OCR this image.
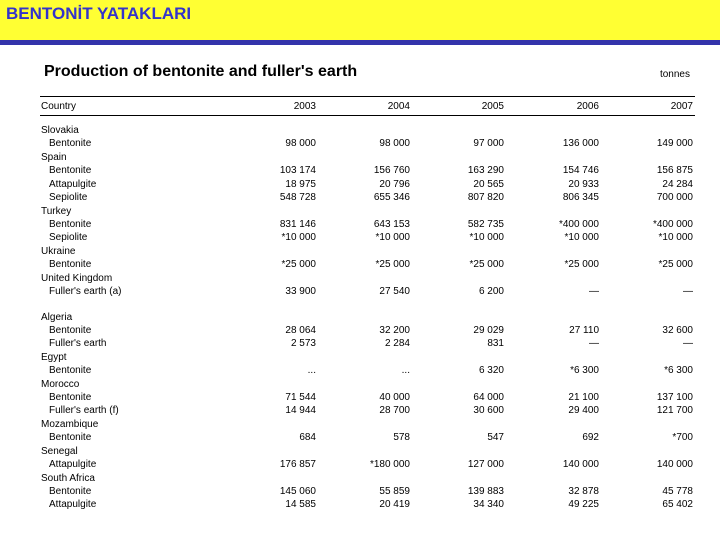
BENTONİT YATAKLARI
Production of bentonite and fuller's earth	tonnes
Country	2003	2004	2005	2006	2007
Slovakia
Bentonite	98 000	98 000	97 000	136 000	149 000
Spain
Bentonite	103 174	156 760	163 290	154 746	156 875
Attapulgite	18 975	20 796	20 565	20 933	24 284
Sepiolite	548 728	655 346	807 820	806 345	700 000
Turkey
Bentonite	831 146	643 153	582 735	*400 000	*400 000
Sepiolite	*10 000	*10 000	*10 000	*10 000	*10 000
Ukraine
Bentonite	*25 000	*25 000	*25 000	*25 000	*25 000
United Kingdom
Fuller's earth (a)	33 900	27 540	6 200	—	—
Algeria
Bentonite	28 064	32 200	29 029	27 110	32 600
Fuller's earth	2 573	2 284	831	—	—
Egypt
Bentonite	...	...	6 320	*6 300	*6 300
Morocco
Bentonite	71 544	40 000	64 000	21 100	137 100
Fuller's earth (f)	14 944	28 700	30 600	29 400	121 700
Mozambique
Bentonite	684	578	547	692	*700
Senegal
Attapulgite	176 857	*180 000	127 000	140 000	140 000
South Africa
Bentonite	145 060	55 859	139 883	32 878	45 778
Attapulgite	14 585	20 419	34 340	49 225	65 402
